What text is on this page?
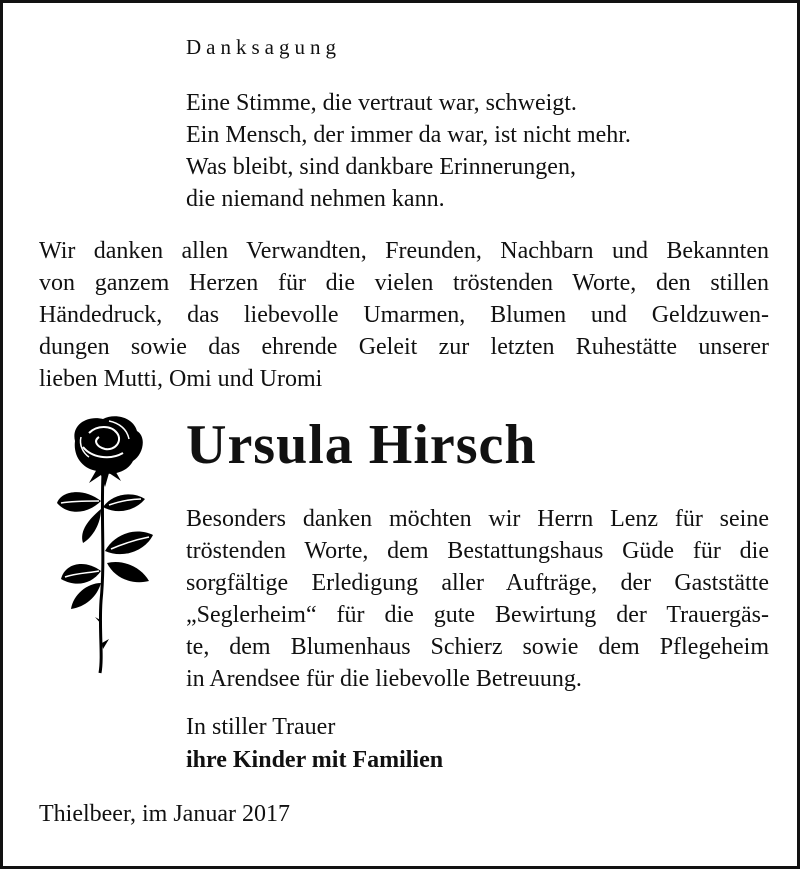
Danksagung
Eine Stimme, die vertraut war, schweigt.
Ein Mensch, der immer da war, ist nicht mehr.
Was bleibt, sind dankbare Erinnerungen,
die niemand nehmen kann.
Wir danken allen Verwandten, Freunden, Nachbarn und Bekannten
von ganzem Herzen für die vielen tröstenden Worte, den stillen
Händedruck, das liebevolle Umarmen, Blumen und Geldzuwen-
dungen sowie das ehrende Geleit zur letzten Ruhestätte unserer
lieben Mutti, Omi und Uromi
Ursula Hirsch
Besonders danken möchten wir Herrn Lenz für seine
tröstenden Worte, dem Bestattungshaus Güde für die
sorgfältige Erledigung aller Aufträge, der Gaststätte
„Seglerheim“ für die gute Bewirtung der Trauergäs-
te, dem Blumenhaus Schierz sowie dem Pflegeheim
in Arendsee für die liebevolle Betreuung.
In stiller Trauer
ihre Kinder mit Familien
Thielbeer, im Januar 2017
